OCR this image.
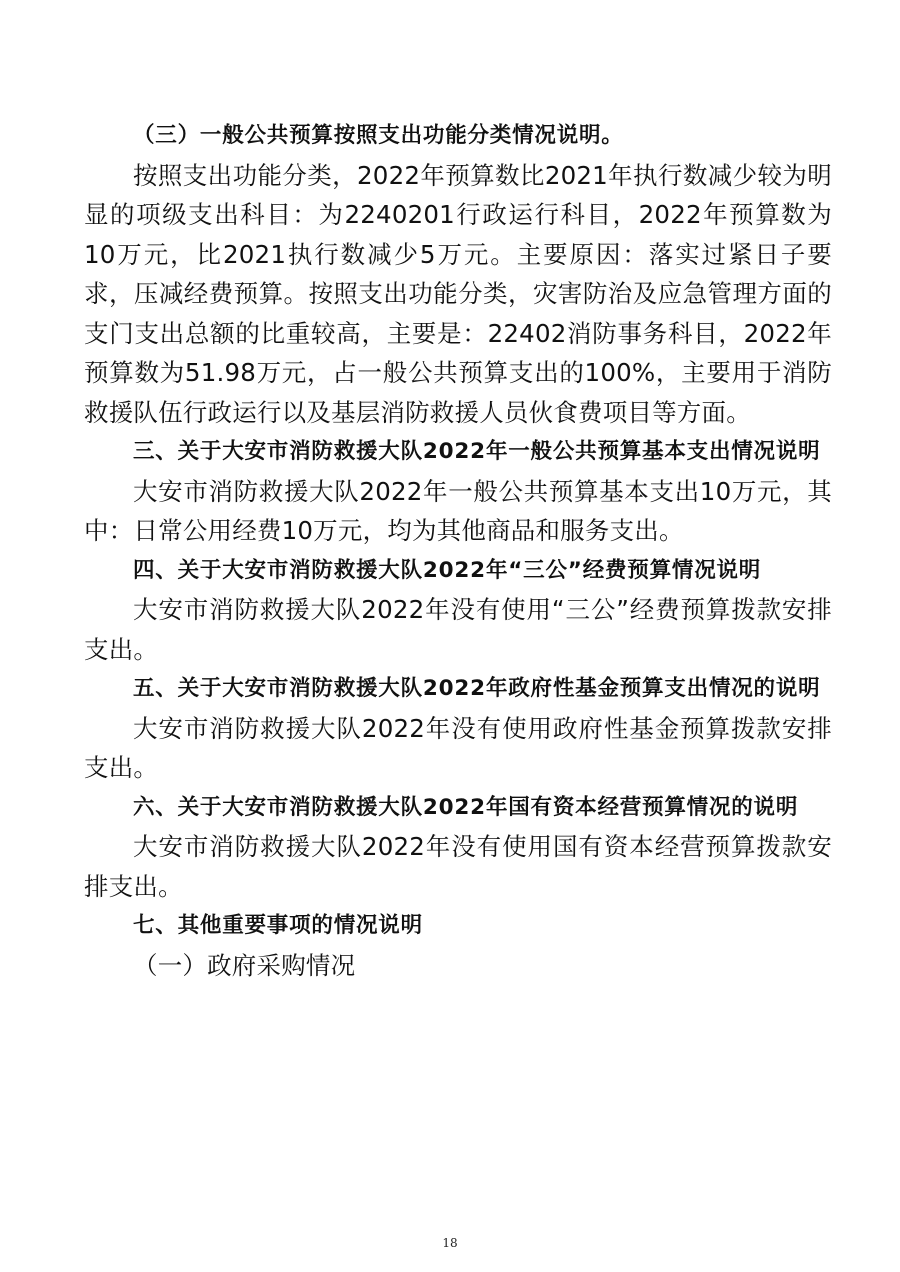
（三）一般公共预算按照支出功能分类情况说明。

按照支出功能分类，2022年预算数比2021年执行数减少较为明显的项级支出科目：为2240201行政运行科目，2022年预算数为10万元，比2021执行数减少5万元。主要原因：落实过紧日子要求，压减经费预算。按照支出功能分类，灾害防治及应急管理方面的支门支出总额的比重较高，主要是：22402消防事务科目，2022年预算数为51.98万元，占一般公共预算支出的100%，主要用于消防救援队伍行政运行以及基层消防救援人员伙食费项目等方面。

三、关于大安市消防救援大队2022年一般公共预算基本支出情况说明

大安市消防救援大队2022年一般公共预算基本支出10万元，其中：日常公用经费10万元，均为其他商品和服务支出。

四、关于大安市消防救援大队2022年“三公”经费预算情况说明

大安市消防救援大队2022年没有使用“三公”经费预算拨款安排支出。

五、关于大安市消防救援大队2022年政府性基金预算支出情况的说明

大安市消防救援大队2022年没有使用政府性基金预算拨款安排支出。

六、关于大安市消防救援大队2022年国有资本经营预算情况的说明

大安市消防救援大队2022年没有使用国有资本经营预算拨款安排支出。

七、其他重要事项的情况说明

（一）政府采购情况

18
